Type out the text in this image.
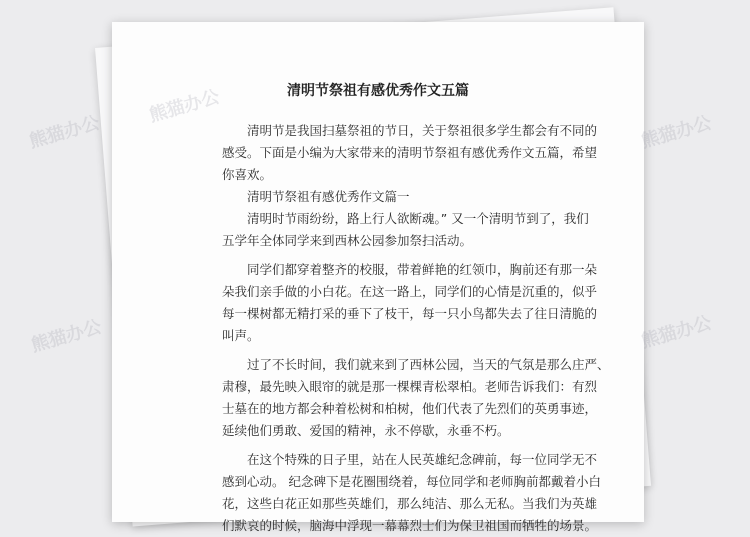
清明节祭祖有感优秀作文五篇
清明节是我国扫墓祭祖的节日，关于祭祖很多学生都会有不同的
感受。下面是小编为大家带来的清明节祭祖有感优秀作文五篇，希望
你喜欢。
清明节祭祖有感优秀作文篇一
清明时节雨纷纷，路上行人欲断魂。” 又一个清明节到了，我们
五学年全体同学来到西林公园参加祭扫活动。
同学们都穿着整齐的校服，带着鲜艳的红领巾，胸前还有那一朵
朵我们亲手做的小白花。在这一路上，同学们的心情是沉重的，似乎
每一棵树都无精打采的垂下了枝干，每一只小鸟都失去了往日清脆的
叫声。
过了不长时间，我们就来到了西林公园，当天的气氛是那么庄严、
肃穆，最先映入眼帘的就是那一棵棵青松翠柏。老师告诉我们：有烈
士墓在的地方都会种着松树和柏树，他们代表了先烈们的英勇事迹，
延续他们勇敢、爱国的精神，永不停歇，永垂不朽。
在这个特殊的日子里，站在人民英雄纪念碑前，每一位同学无不
感到心动。 纪念碑下是花圈围绕着，每位同学和老师胸前都戴着小白
花，这些白花正如那些英雄们，那么纯洁、那么无私。当我们为英雄
们默哀的时候，脑海中浮现一幕幕烈士们为保卫祖国而牺牲的场景。
熊猫办公
熊猫办公
熊猫办公
熊猫办公	熊猫办公
